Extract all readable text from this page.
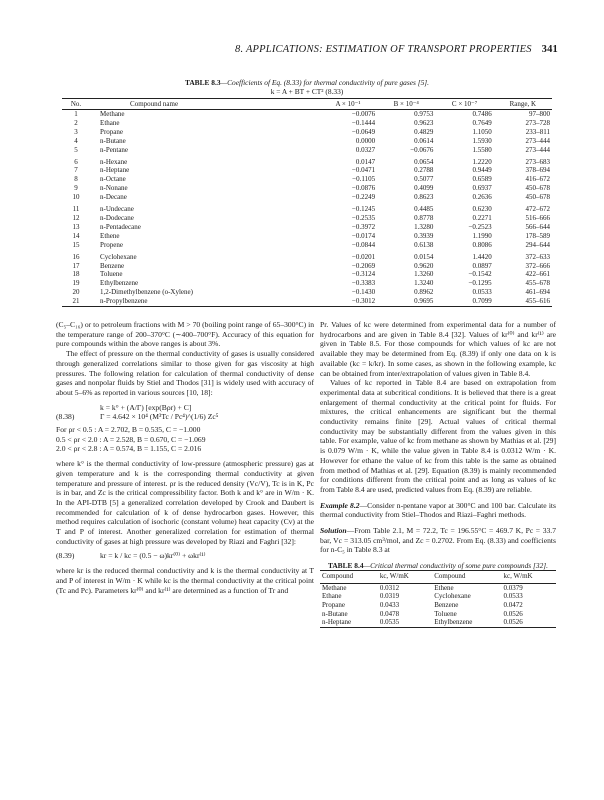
8. APPLICATIONS: ESTIMATION OF TRANSPORT PROPERTIES 341
TABLE 8.3—Coefficients of Eq. (8.33) for thermal conductivity of pure gases [5].
k = A + BT + CT² (8.33)
No.	Compound name	A × 10⁻¹	B × 10⁻⁴	C × 10⁻⁷	Range, K
1	Methane	−0.0076	0.9753	0.7486	97–800
2	Ethane	−0.1444	0.9623	0.7649	273–728
3	Propane	−0.0649	0.4829	1.1050	233–811
4	n-Butane	0.0000	0.0614	1.5930	273–444
5	n-Pentane	0.0327	−0.0676	1.5580	273–444
6	n-Hexane	0.0147	0.0654	1.2220	273–683
7	n-Heptane	−0.0471	0.2788	0.9449	378–694
8	n-Octane	−0.1105	0.5077	0.6589	416–672
9	n-Nonane	−0.0876	0.4099	0.6937	450–678
10	n-Decane	−0.2249	0.8623	0.2636	450–678
11	n-Undecane	−0.1245	0.4485	0.6230	472–672
12	n-Dodecane	−0.2535	0.8778	0.2271	516–666
13	n-Pentadecane	−0.3972	1.3280	−0.2523	566–644
14	Ethene	−0.0174	0.3939	1.1990	178–589
15	Propene	−0.0844	0.6138	0.8086	294–644
16	Cyclohexane	−0.0201	0.0154	1.4420	372–633
17	Benzene	−0.2069	0.9620	0.0897	372–666
18	Toluene	−0.3124	1.3260	−0.1542	422–661
19	Ethylbenzene	−0.3383	1.3240	−0.1295	455–678
20	1,2-Dimethylbenzene (o-Xylene)	−0.1430	0.8962	0.0533	461–694
21	n-Propylbenzene	−0.3012	0.9695	0.7099	455–616

(C₅–C₁₆) or to petroleum fractions with M > 70 (boiling point range of 65–300°C) in the temperature range of 200–370°C (∼400–700°F). Accuracy of this equation for pure compounds within the above ranges is about 3%.

The effect of pressure on the thermal conductivity of gases is usually considered through generalized correlations similar to those given for gas viscosity at high pressures. The following relation for calculation of thermal conductivity of dense gases and nonpolar fluids by Stiel and Thodos [31] is widely used with accuracy of about 5–6% as reported in various sources [10, 18]:

k = k° + (A/Γ) [exp(Bρr) + C]
(8.38)	Γ = 4.642 × 10⁴ (M³Tc / Pc⁴)^(1/6) Zc⁵
For ρr < 0.5 : A = 2.702, B = 0.535, C = −1.000
0.5 < ρr < 2.0 : A = 2.528, B = 0.670, C = −1.069
2.0 < ρr < 2.8 : A = 0.574, B = 1.155, C = 2.016

where k° is the thermal conductivity of low-pressure (atmospheric pressure) gas at given temperature and k is the corresponding thermal conductivity at given temperature and pressure of interest. ρr is the reduced density (Vc/V), Tc is in K, Pc is in bar, and Zc is the critical compressibility factor. Both k and k° are in W/m · K. In the API-DTB [5] a generalized correlation developed by Crook and Daubert is recommended for calculation of k of dense hydrocarbon gases. However, this method requires calculation of isochoric (constant volume) heat capacity (Cv) at the T and P of interest. Another generalized correlation for estimation of thermal conductivity of gases at high pressure was developed by Riazi and Faghri [32]:

(8.39)	kr = k / kc = (0.5 − ω)kr⁽⁰⁾ + ωkr⁽¹⁾

where kr is the reduced thermal conductivity and k is the thermal conductivity at T and P of interest in W/m · K while kc is the thermal conductivity at the critical point (Tc and Pc). Parameters kr⁽⁰⁾ and kr⁽¹⁾ are determined as a function of Tr and

Pr. Values of kc were determined from experimental data for a number of hydrocarbons and are given in Table 8.4 [32]. Values of kr⁽⁰⁾ and kr⁽¹⁾ are given in Table 8.5. For those compounds for which values of kc are not available they may be determined from Eq. (8.39) if only one data on k is available (kc = k/kr). In some cases, as shown in the following example, kc can be obtained from inter/extrapolation of values given in Table 8.4.

Values of kc reported in Table 8.4 are based on extrapolation from experimental data at subcritical conditions. It is believed that there is a great enlargement of thermal conductivity at the critical point for fluids. For mixtures, the critical enhancements are significant but the thermal conductivity remains finite [29]. Actual values of critical thermal conductivity may be substantially different from the values given in this table. For example, value of kc from methane as shown by Mathias et al. [29] is 0.079 W/m · K, while the value given in Table 8.4 is 0.0312 W/m · K. However for ethane the value of kc from this table is the same as obtained from method of Mathias et al. [29]. Equation (8.39) is mainly recommended for conditions different from the critical point and as long as values of kc from Table 8.4 are used, predicted values from Eq. (8.39) are reliable.

Example 8.2—Consider n-pentane vapor at 300°C and 100 bar. Calculate its thermal conductivity from Stiel–Thodos and Riazi–Faghri methods.

Solution—From Table 2.1, M = 72.2, Tc = 196.55°C = 469.7 K, Pc = 33.7 bar, Vc = 313.05 cm³/mol, and Zc = 0.2702. From Eq. (8.33) and coefficients for n-C₅ in Table 8.3 at

TABLE 8.4—Critical thermal conductivity of some pure compounds [32].
Compound	kc, W/mK	Compound	kc, W/mK
Methane	0.0312	Ethene	0.0379
Ethane	0.0319	Cyclohexane	0.0533
Propane	0.0433	Benzene	0.0472
n-Butane	0.0478	Toluene	0.0526
n-Heptane	0.0535	Ethylbenzene	0.0526
